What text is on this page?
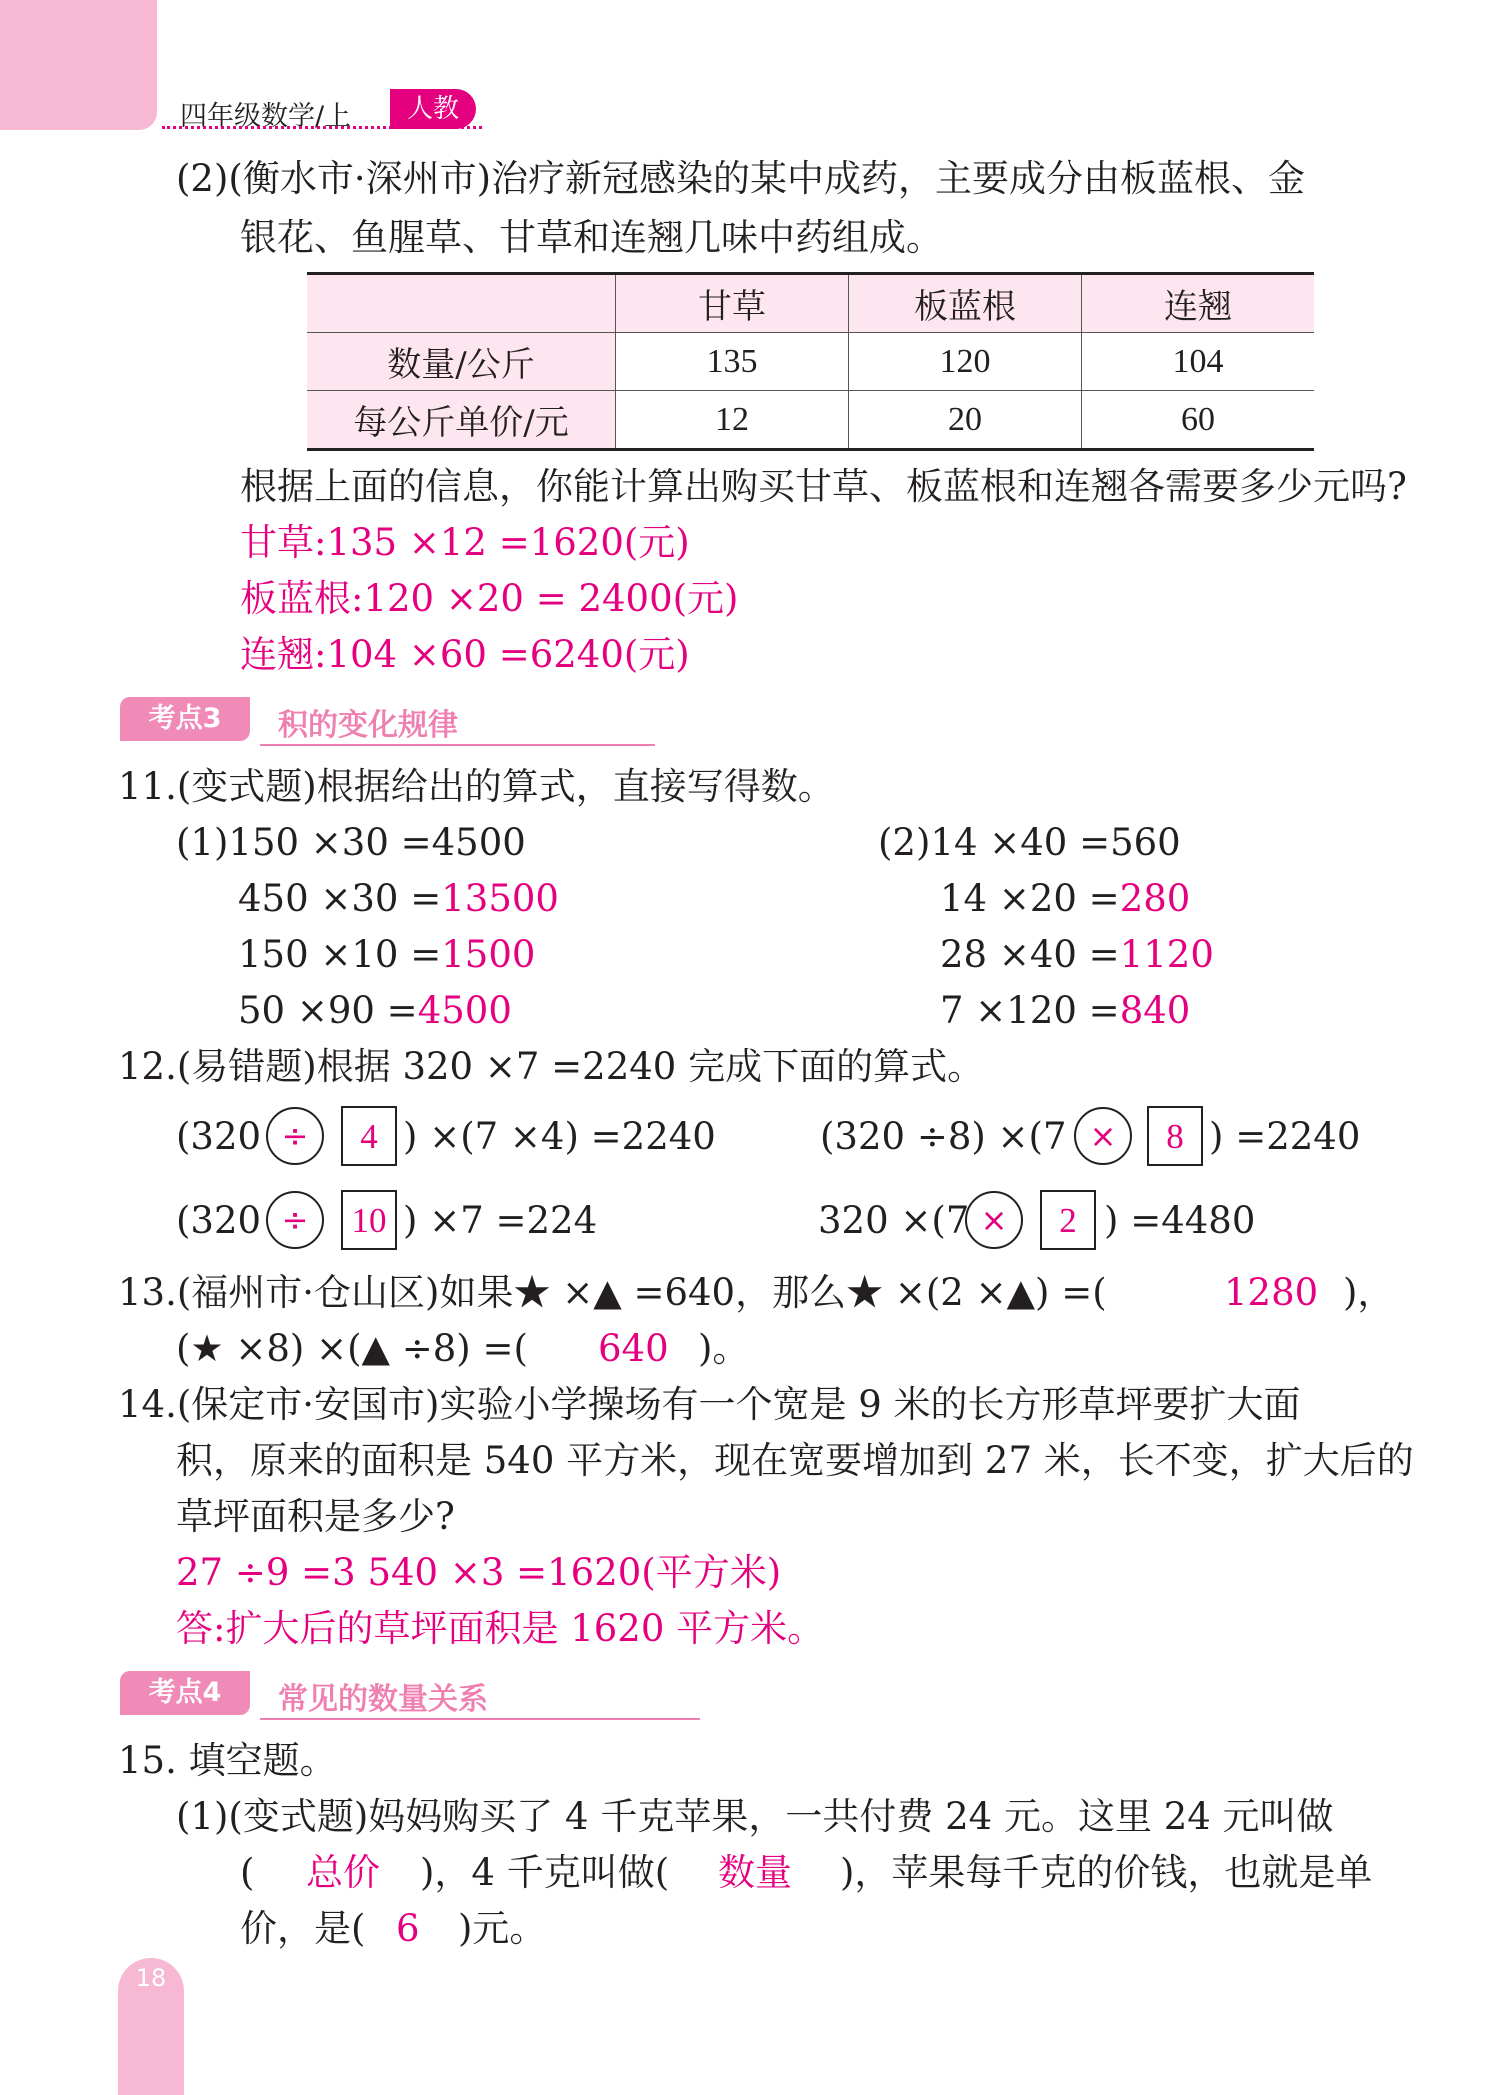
四年级数学/上	人教
(2)(衡水市·深州市)治疗新冠感染的某中成药，主要成分由板蓝根、金
银花、鱼腥草、甘草和连翘几味中药组成。
	甘草	板蓝根	连翘
数量/公斤	135	120	104
每公斤单价/元	12	20	60
根据上面的信息，你能计算出购买甘草、板蓝根和连翘各需要多少元吗?
甘草:135 ×12 =1620(元)
板蓝根:120 ×20 = 2400(元)
连翘:104 ×60 =6240(元)
考点3	积的变化规律
11.(变式题)根据给出的算式，直接写得数。
(1)150 ×30 =4500
450 ×30 =13500
150 ×10 =1500
50 ×90 =4500
(2)14 ×40 =560
14 ×20 =280
28 ×40 =1120
7 ×120 =840
12.(易错题)根据 320 ×7 =2240 完成下面的算式。
(320 ÷	4 ) ×(7 ×4) =2240	(320 ÷8) ×(7 ×	8 ) =2240
(320 ÷	10 ) ×7 =224	320 ×(7 ×	2 ) =4480
13.(福州市·仓山区)如果★ ×▲ =640，那么★ ×(2 ×▲) =(	1280 )，
(★ ×8) ×(▲ ÷8) =( 640 )。
14.(保定市·安国市)实验小学操场有一个宽是 9 米的长方形草坪要扩大面
积，原来的面积是 540 平方米，现在宽要增加到 27 米，长不变，扩大后的
草坪面积是多少?
27 ÷9 =3 540 ×3 =1620(平方米)
答:扩大后的草坪面积是 1620 平方米。
考点4	常见的数量关系
15. 填空题。
(1)(变式题)妈妈购买了 4 千克苹果，一共付费 24 元。这里 24 元叫做
( 总价 )，4 千克叫做( 数量 )，苹果每千克的价钱，也就是单
价，是( 6 )元。
18
